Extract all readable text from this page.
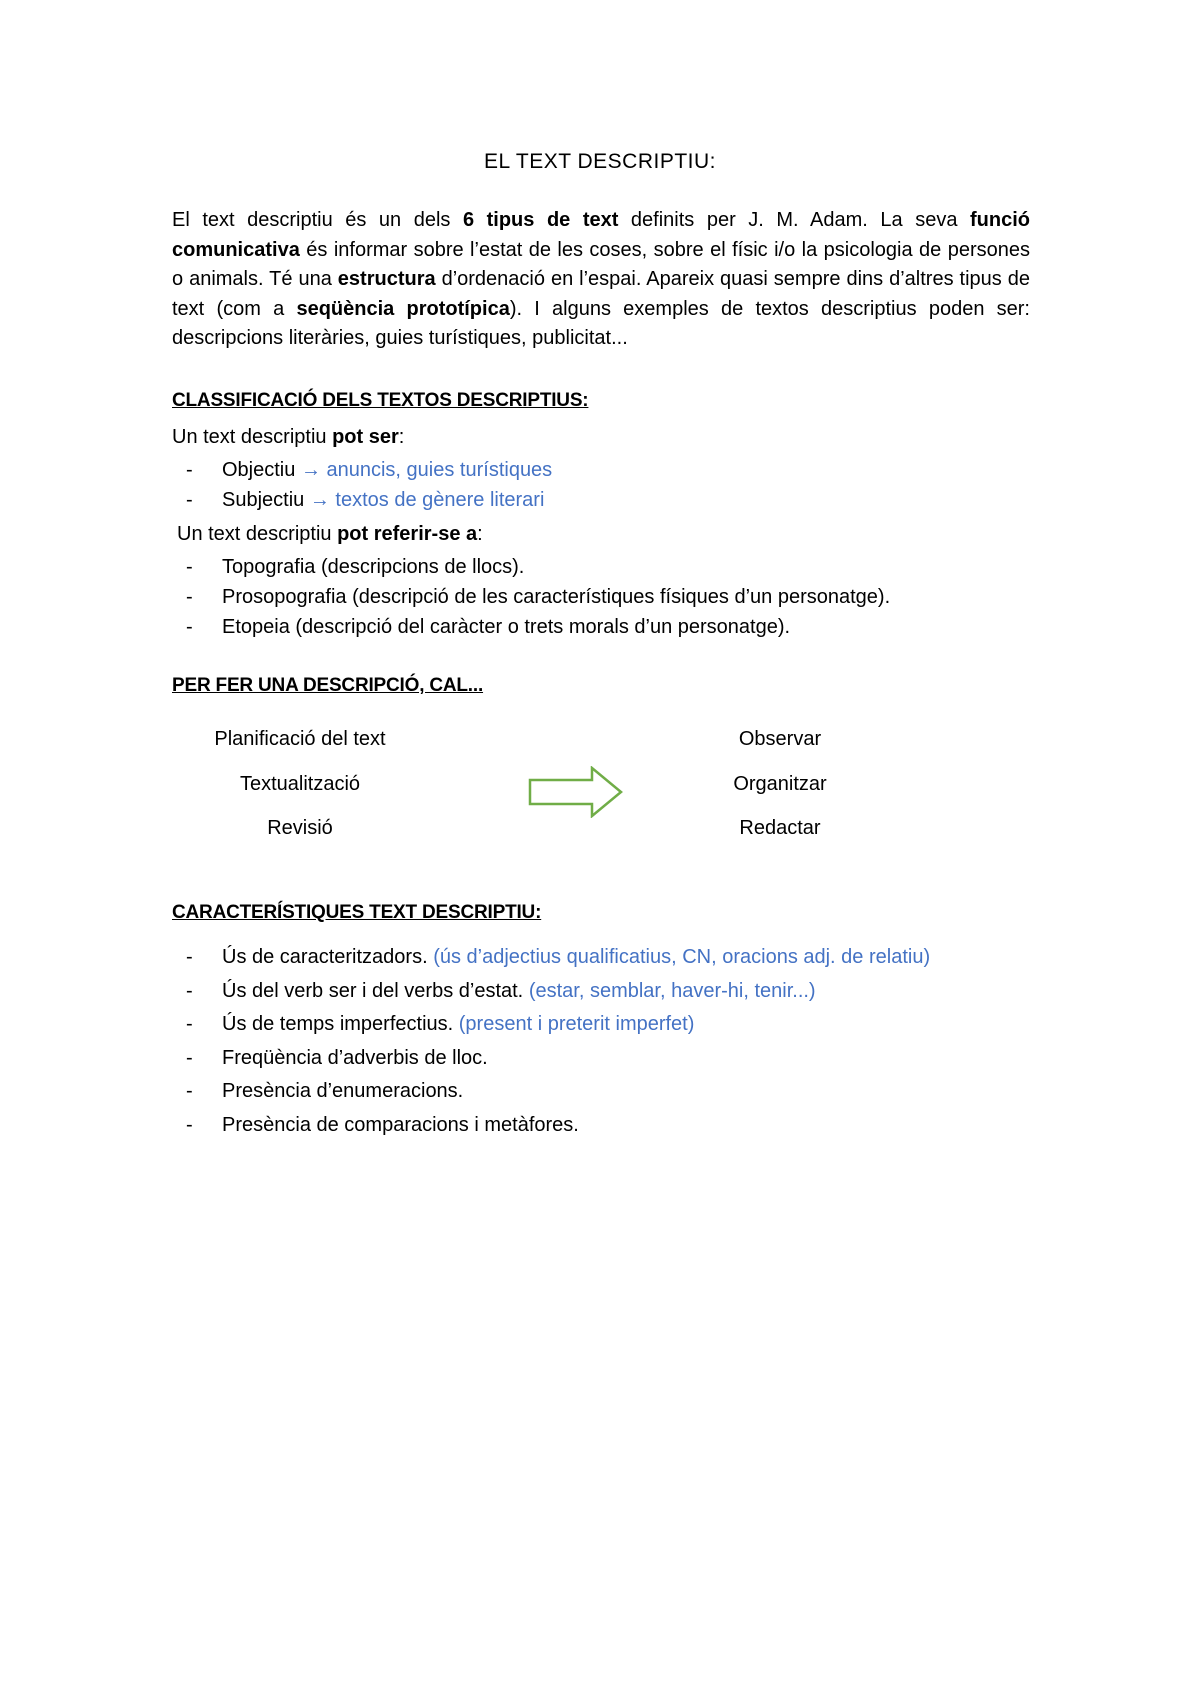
EL TEXT DESCRIPTIU:

El text descriptiu és un dels 6 tipus de text definits per J. M. Adam. La seva funció comunicativa és informar sobre l’estat de les coses, sobre el físic i/o la psicologia de persones o animals. Té una estructura d’ordenació en l’espai. Apareix quasi sempre dins d’altres tipus de text (com a seqüència prototípica). I alguns exemples de textos descriptius poden ser: descripcions literàries, guies turístiques, publicitat...

CLASSIFICACIÓ DELS TEXTOS DESCRIPTIUS:
Un text descriptiu pot ser:
- Objectiu → anuncis, guies turístiques
- Subjectiu → textos de gènere literari
Un text descriptiu pot referir-se a:
- Topografia (descripcions de llocs).
- Prosopografia (descripció de les característiques físiques d’un personatge).
- Etopeia (descripció del caràcter o trets morals d’un personatge).
PER FER UNA DESCRIPCIÓ, CAL...
Planificació del text
Textualització
Revisió
Observar
Organitzar
Redactar
CARACTERÍSTIQUES TEXT DESCRIPTIU:
- Ús de caracteritzadors. (ús d’adjectius qualificatius, CN, oracions adj. de relatiu)
- Ús del verb ser i del verbs d’estat. (estar, semblar, haver-hi, tenir...)
- Ús de temps imperfectius. (present i preterit imperfet)
- Freqüència d’adverbis de lloc.
- Presència d’enumeracions.
- Presència de comparacions i metàfores.
